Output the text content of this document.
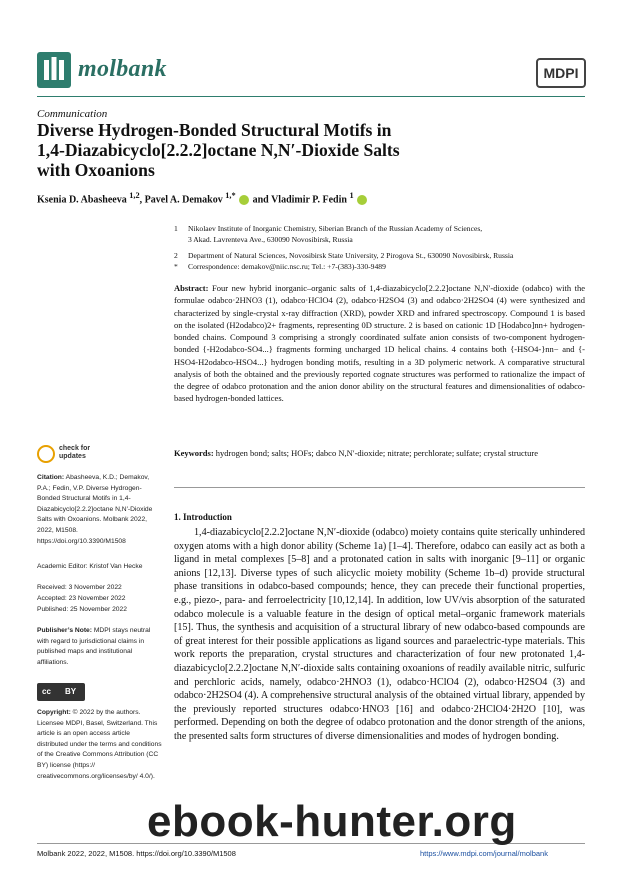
molbank	MDPI
Communication
Diverse Hydrogen-Bonded Structural Motifs in
1,4-Diazabicyclo[2.2.2]octane N,N′-Dioxide Salts
with Oxoanions
Ksenia D. Abasheeva $^{1,2}$, Pavel A. Demakov $^{1,*}$ and Vladimir P. Fedin $^1$
1	Nikolaev Institute of Inorganic Chemistry, Siberian Branch of the Russian Academy of Sciences,
3 Akad. Lavrenteva Ave., 630090 Novosibirsk, Russia
2	Department of Natural Sciences, Novosibirsk State University, 2 Pirogova St., 630090 Novosibirsk, Russia
*	Correspondence: demakov@niic.nsc.ru; Tel.: +7-(383)-330-9489
Abstract: Four new hybrid inorganic–organic salts of 1,4-diazabicyclo[2.2.2]octane N,N′-dioxide (odabco) with the formulae odabco·2HNO3 (1), odabco·HClO4 (2), odabco·H2SO4 (3) and odabco·2H2SO4 (4) were synthesized and characterized by single-crystal x-ray diffraction (XRD), powder XRD and infrared spectroscopy. Compound 1 is based on the isolated (H2odabco)2+ fragments, representing 0D structure. 2 is based on cationic 1D [Hodabco]nn+ hydrogen-bonded chains. Compound 3 comprising a strongly coordinated sulfate anion consists of two-component hydrogen-bonded {-H2odabco-SO4...} fragments forming uncharged 1D helical chains. 4 contains both {-HSO4-}nn− and {-HSO4-H2odabco-HSO4...} hydrogen bonding motifs, resulting in a 3D polymeric network. A comparative structural analysis of both the obtained and the previously reported cognate structures was performed to rationalize the impact of the degree of odabco protonation and the anion donor ability on the structural features and dimensionalities of odabco-based hydrogen-bonded lattices.
Keywords: hydrogen bond; salts; HOFs; dabco N,N′-dioxide; nitrate; perchlorate; sulfate; crystal structure
1. Introduction

1,4-diazabicyclo[2.2.2]octane N,N′-dioxide (odabco) moiety contains quite sterically unhindered oxygen atoms with a high donor ability (Scheme 1a) [1–4]. Therefore, odabco can easily act as both a ligand in metal complexes [5–8] and a protonated cation in salts with inorganic [9–11] or organic anions [12,13]. Diverse types of such alicyclic moiety mobility (Scheme 1b–d) provide structural phase transitions in odabco-based compounds; hence, they can precede their functional properties, e.g., piezo-, para- and ferroelectricity [10,12,14]. In addition, low UV/vis absorption of the saturated odabco molecule is a valuable feature in the design of optical metal–organic framework materials [15]. Thus, the synthesis and acquisition of a structural library of new odabco-based compounds are of great interest for their possible applications as ligand sources and paraelectric-type materials. This work reports the preparation, crystal structures and characterization of four new protonated 1,4-diazabicyclo[2.2.2]octane N,N′-dioxide salts containing oxoanions of readily available nitric, sulfuric and perchloric acids, namely, odabco·2HNO3 (1), odabco·HClO4 (2), odabco·H2SO4 (3) and odabco·2H2SO4 (4). A comprehensive structural analysis of the obtained virtual library, appended by the previously reported structures odabco·HNO3 [16] and odabco·2HClO4·2H2O [10], was performed. Depending on both the degree of odabco protonation and the donor strength of the anions, the presented salts form structures of diverse dimensionalities and modes of hydrogen bonding.

check for
updates
Citation: Abasheeva, K.D.; Demakov, P.A.; Fedin, V.P. Diverse Hydrogen-Bonded Structural Motifs in 1,4-Diazabicyclo[2.2.2]octane N,N′-Dioxide Salts with Oxoanions. Molbank 2022, 2022, M1508. https://doi.org/10.3390/M1508
Academic Editor: Kristof Van Hecke
Received: 3 November 2022
Accepted: 23 November 2022
Published: 25 November 2022
Publisher’s Note: MDPI stays neutral with regard to jurisdictional claims in published maps and institutional affiliations.
cc BY
Copyright: © 2022 by the authors. Licensee MDPI, Basel, Switzerland. This article is an open access article distributed under the terms and conditions of the Creative Commons Attribution (CC BY) license (https:// creativecommons.org/licenses/by/ 4.0/).
Molbank 2022, 2022, M1508. https://doi.org/10.3390/M1508	https://www.mdpi.com/journal/molbank
ebook-hunter.org
